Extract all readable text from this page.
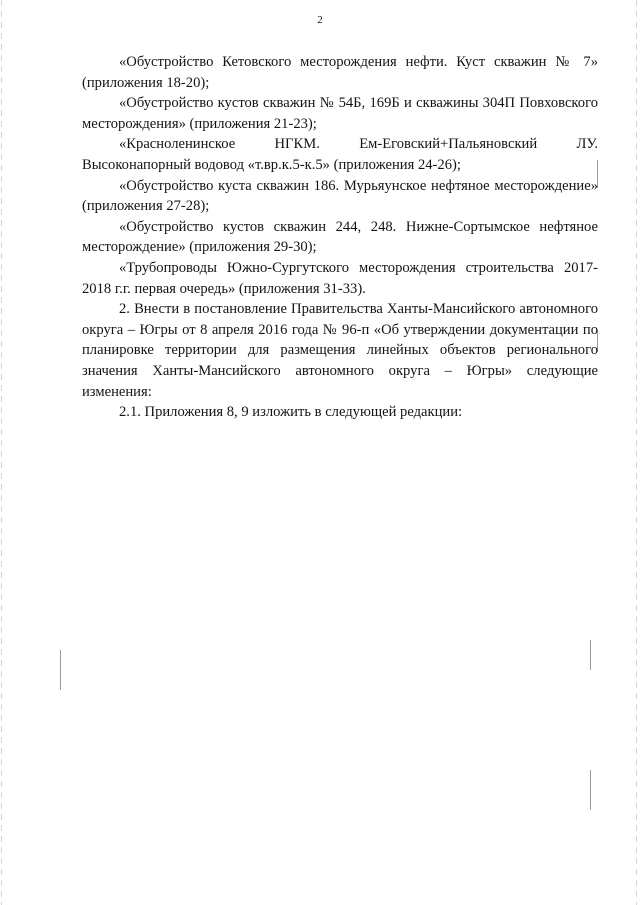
2

«Обустройство Кетовского месторождения нефти. Куст скважин № 7» (приложения 18-20);

«Обустройство кустов скважин № 54Б, 169Б и скважины 304П Повховского месторождения» (приложения 21-23);

«Красноленинское НГКМ. Ем-Еговский+Пальяновский ЛУ. Высоконапорный водовод «т.вр.к.5-к.5» (приложения 24-26);

«Обустройство куста скважин 186. Мурьяунское нефтяное месторождение» (приложения 27-28);

«Обустройство кустов скважин 244, 248. Нижне-Сортымское нефтяное месторождение» (приложения 29-30);

«Трубопроводы Южно-Сургутского месторождения строительства 2017-2018 г.г. первая очередь» (приложения 31-33).

2. Внести в постановление Правительства Ханты-Мансийского автономного округа – Югры от 8 апреля 2016 года № 96-п «Об утверждении документации по планировке территории для размещения линейных объектов регионального значения Ханты-Мансийского автономного округа – Югры» следующие изменения:

2.1. Приложения 8, 9 изложить в следующей редакции:
